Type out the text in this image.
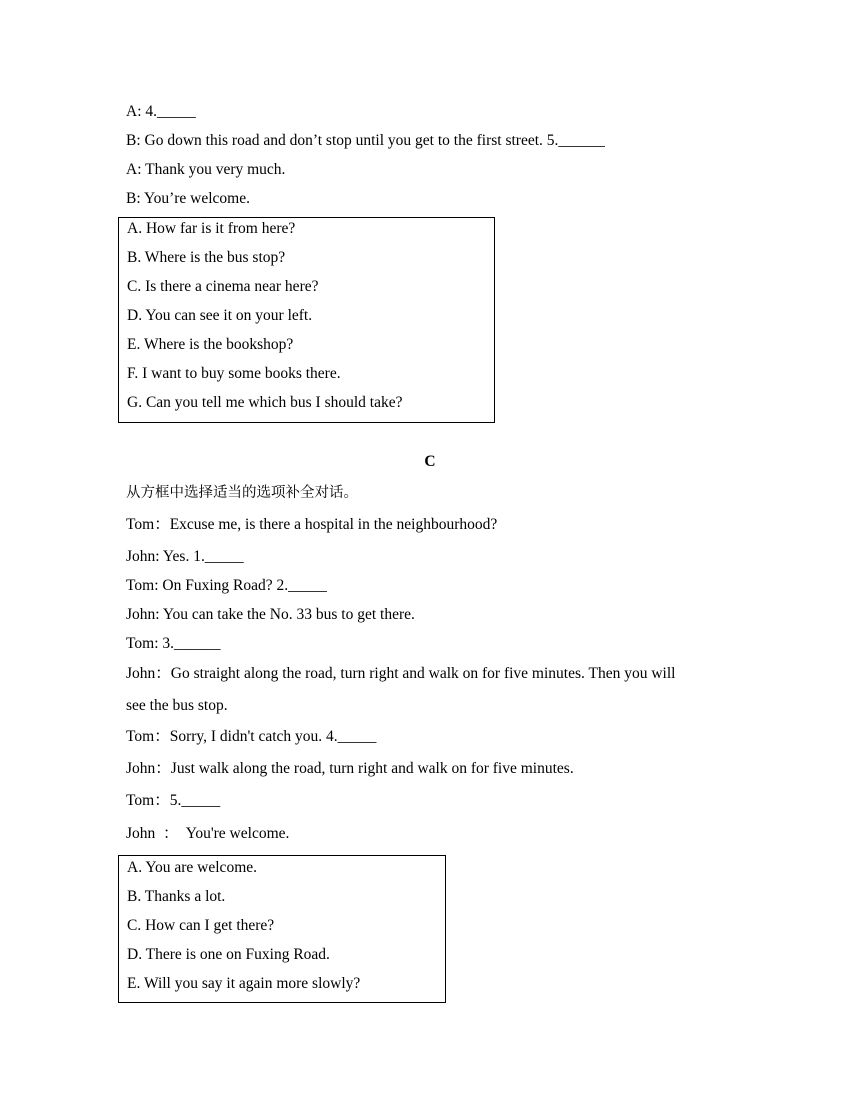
A: 4._____
B: Go down this road and don’t stop until you get to the first street. 5.______
A: Thank you very much.
B: You’re welcome.
A. How far is it from here?
B. Where is the bus stop?
C. Is there a cinema near here?
D. You can see it on your left.
E. Where is the bookshop?
F. I want to buy some books there.
G. Can you tell me which bus I should take?
C
从方框中选择适当的选项补全对话。
Tom：Excuse me, is there a hospital in the neighbourhood?
John: Yes. 1._____
Tom: On Fuxing Road? 2._____
John: You can take the No. 33 bus to get there.
Tom: 3.______
John：Go straight along the road, turn right and walk on for five minutes. Then you will
see the bus stop.
Tom：Sorry, I didn't catch you. 4._____
John：Just walk along the road, turn right and walk on for five minutes.
Tom：5._____
John  ：  You're welcome.
A. You are welcome.
B. Thanks a lot.
C. How can I get there?
D. There is one on Fuxing Road.
E. Will you say it again more slowly?
